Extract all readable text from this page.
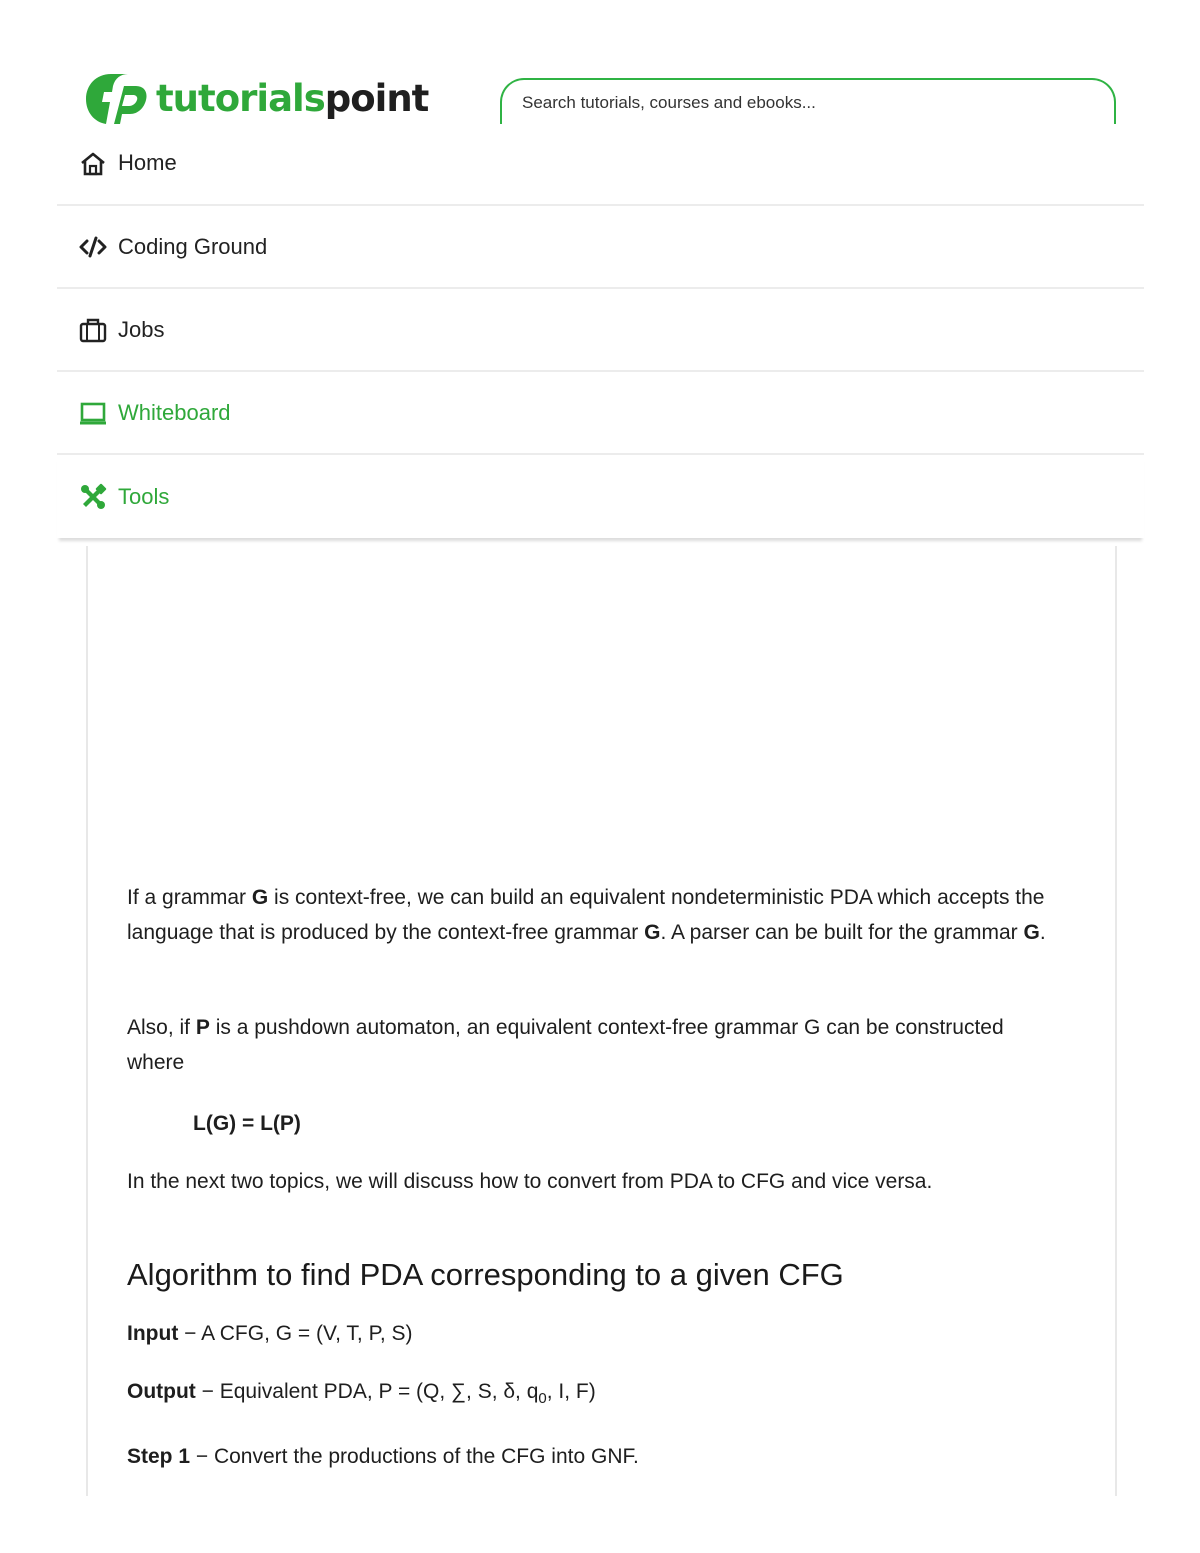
tutorialspoint
Search tutorials, courses and ebooks...
Home
Coding Ground
Jobs
Whiteboard
Tools

If a grammar G is context-free, we can build an equivalent nondeterministic PDA which accepts the language that is produced by the context-free grammar G. A parser can be built for the grammar G.

Also, if P is a pushdown automaton, an equivalent context-free grammar G can be constructed where

L(G) = L(P)

In the next two topics, we will discuss how to convert from PDA to CFG and vice versa.

Algorithm to find PDA corresponding to a given CFG

Input − A CFG, G = (V, T, P, S)

Output − Equivalent PDA, P = (Q, ∑, S, δ, $q_0$, I, F)

Step 1 − Convert the productions of the CFG into GNF.
